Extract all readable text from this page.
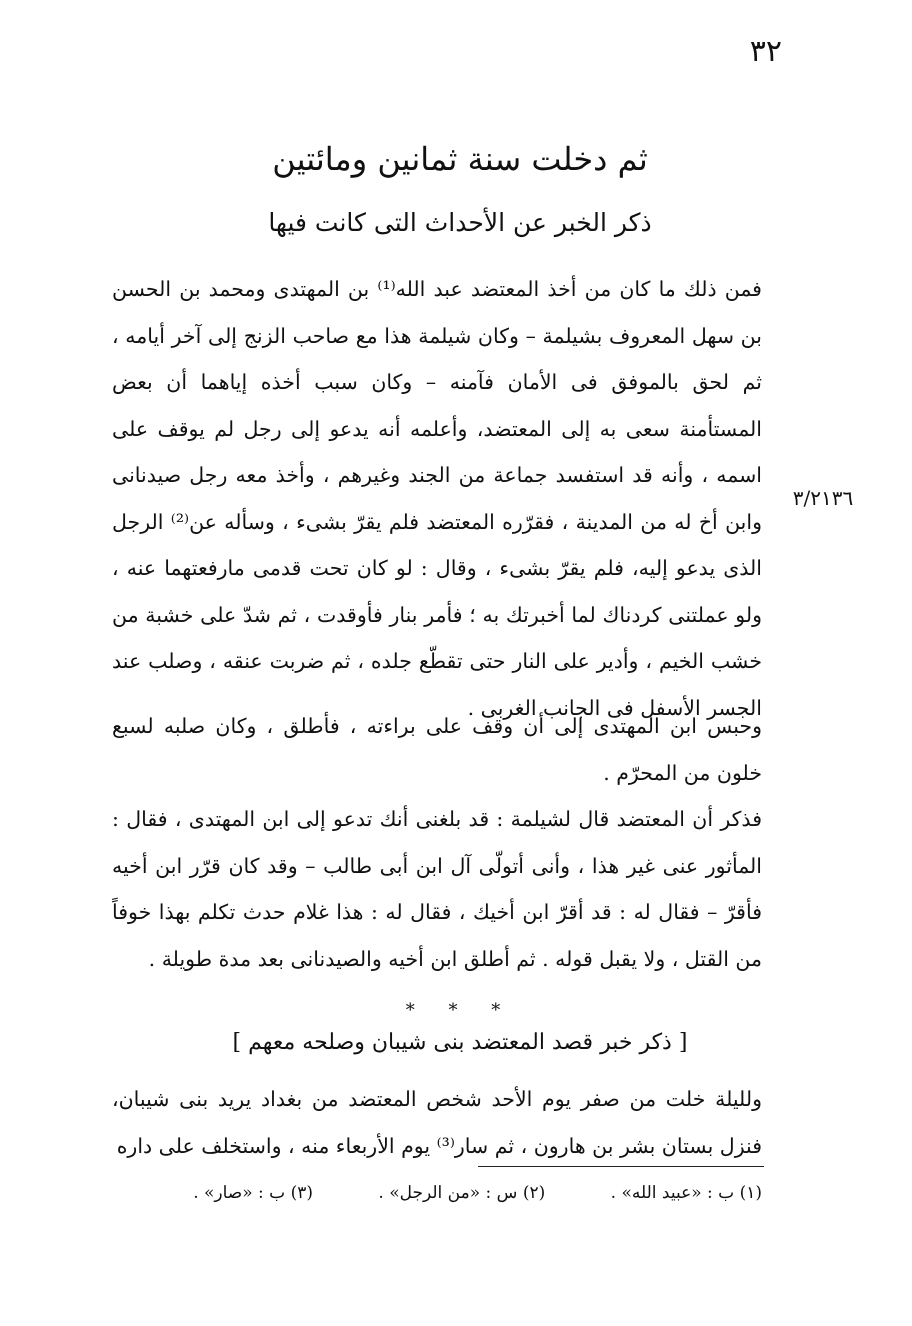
٣٢
ثم دخلت سنة ثمانين ومائتين
ذكر الخبر عن الأحداث التى كانت فيها
فمن ذلك ما كان من أخذ المعتضد عبد الله⁽¹⁾ بن المهتدى ومحمد بن الحسن بن سهل المعروف بشيلمة – وكان شيلمة هذا مع صاحب الزنج إلى آخر أيامه ، ثم لحق بالموفق فى الأمان فآمنه – وكان سبب أخذه إياهما أن بعض المستأمنة سعى به إلى المعتضد، وأعلمه أنه يدعو إلى رجل لم يوقف على اسمه ، وأنه قد استفسد جماعة من الجند وغيرهم ، وأخذ معه رجل صيدنانى وابن أخ له من المدينة ، فقرّره المعتضد فلم يقرّ بشىء ، وسأله عن⁽²⁾ الرجل الذى يدعو إليه، فلم يقرّ بشىء ، وقال : لو كان تحت قدمى مارفعتهما عنه ، ولو عملتنى كردناك لما أخبرتك به ؛ فأمر بنار فأوقدت ، ثم شدّ على خشبة من خشب الخيم ، وأدير على النار حتى تقطّع جلده ، ثم ضربت عنقه ، وصلب عند الجسر الأسفل فى الجانب الغربى .
٣/٢١٣٦
وحبس ابن المهتدى إلى أن وقف على براءته ، فأطلق ، وكان صلبه لسبع خلون من المحرّم .
فذكر أن المعتضد قال لشيلمة : قد بلغنى أنك تدعو إلى ابن المهتدى ، فقال : المأثور عنى غير هذا ، وأنى أتولّى آل ابن أبى طالب – وقد كان قرّر ابن أخيه فأقرّ – فقال له : قد أقرّ ابن أخيك ، فقال له : هذا غلام حدث تكلم بهذا خوفاً من القتل ، ولا يقبل قوله . ثم أطلق ابن أخيه والصيدنانى بعد مدة طويلة .
* * *
[ ذكر خبر قصد المعتضد بنى شيبان وصلحه معهم ]
ولليلة خلت من صفر يوم الأحد شخص المعتضد من بغداد يريد بنى شيبان، فنزل بستان بشر بن هارون ، ثم سار⁽³⁾ يوم الأربعاء منه ، واستخلف على داره
(١) ب : «عبيد الله» . (٢) س : «من الرجل» . (٣) ب : «صار» .
